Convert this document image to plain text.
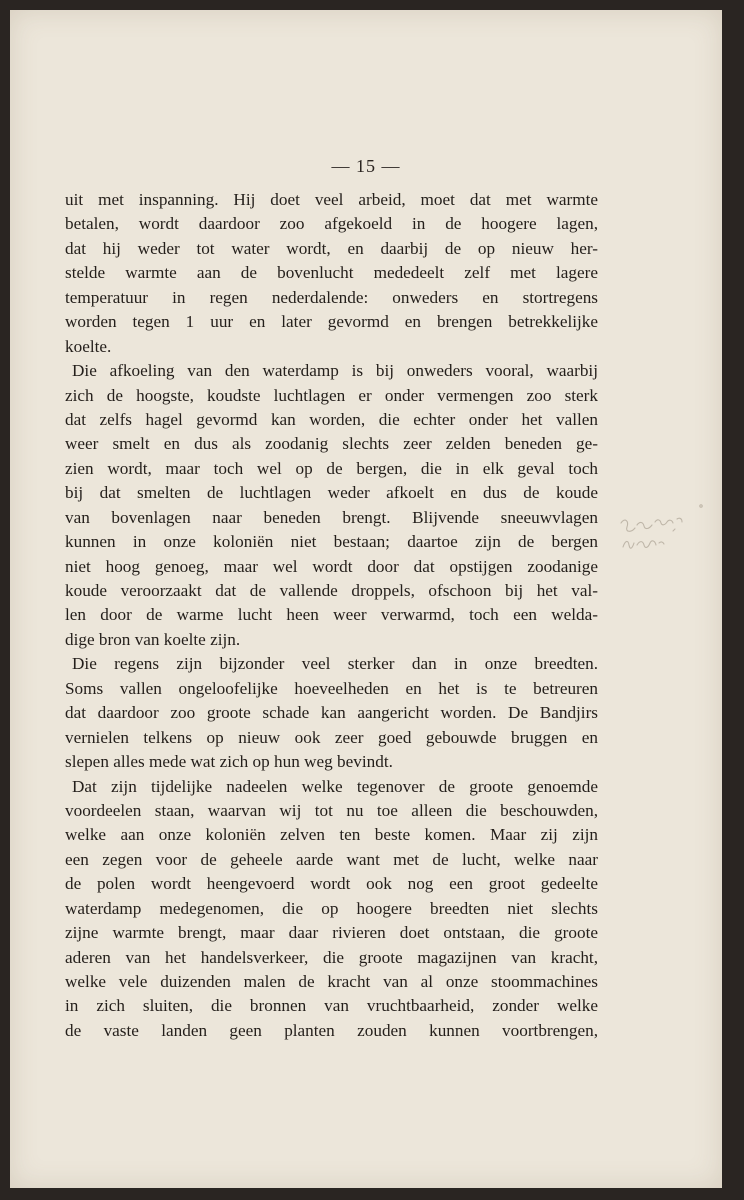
— 15 —
uit met inspanning. Hij doet veel arbeid, moet dat met warmte
betalen, wordt daardoor zoo afgekoeld in de hoogere lagen,
dat hij weder tot water wordt, en daarbij de op nieuw her-
stelde warmte aan de bovenlucht mededeelt zelf met lagere
temperatuur in regen nederdalende: onweders en stortregens
worden tegen 1 uur en later gevormd en brengen betrekkelijke
koelte.
Die afkoeling van den waterdamp is bij onweders vooral, waarbij
zich de hoogste, koudste luchtlagen er onder vermengen zoo sterk
dat zelfs hagel gevormd kan worden, die echter onder het vallen
weer smelt en dus als zoodanig slechts zeer zelden beneden ge-
zien wordt, maar toch wel op de bergen, die in elk geval toch
bij dat smelten de luchtlagen weder afkoelt en dus de koude
van bovenlagen naar beneden brengt. Blijvende sneeuwvlagen
kunnen in onze koloniën niet bestaan; daartoe zijn de bergen
niet hoog genoeg, maar wel wordt door dat opstijgen zoodanige
koude veroorzaakt dat de vallende droppels, ofschoon bij het val-
len door de warme lucht heen weer verwarmd, toch een welda-
dige bron van koelte zijn.
Die regens zijn bijzonder veel sterker dan in onze breedten.
Soms vallen ongeloofelijke hoeveelheden en het is te betreuren
dat daardoor zoo groote schade kan aangericht worden. De Bandjirs
vernielen telkens op nieuw ook zeer goed gebouwde bruggen en
slepen alles mede wat zich op hun weg bevindt.
Dat zijn tijdelijke nadeelen welke tegenover de groote genoemde
voordeelen staan, waarvan wij tot nu toe alleen die beschouwden,
welke aan onze koloniën zelven ten beste komen. Maar zij zijn
een zegen voor de geheele aarde want met de lucht, welke naar
de polen wordt heengevoerd wordt ook nog een groot gedeelte
waterdamp medegenomen, die op hoogere breedten niet slechts
zijne warmte brengt, maar daar rivieren doet ontstaan, die groote
aderen van het handelsverkeer, die groote magazijnen van kracht,
welke vele duizenden malen de kracht van al onze stoommachines
in zich sluiten, die bronnen van vruchtbaarheid, zonder welke
de vaste landen geen planten zouden kunnen voortbrengen,
